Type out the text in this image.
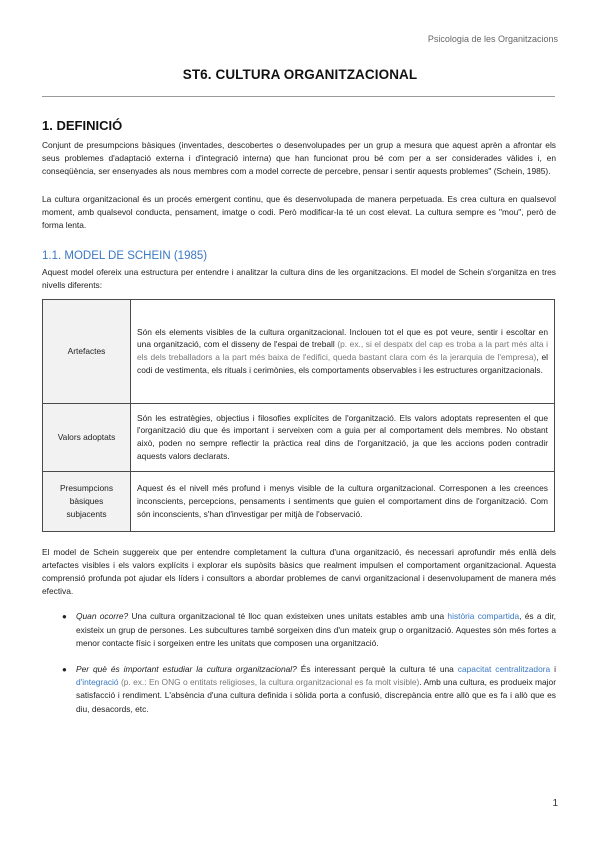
Psicologia de les Organitzacions
ST6. CULTURA ORGANITZACIONAL
1. DEFINICIÓ

Conjunt de presumpcions bàsiques (inventades, descobertes o desenvolupades per un grup a mesura que aquest aprèn a afrontar els seus problemes d'adaptació externa i d'integració interna) que han funcionat prou bé com per a ser considerades vàlides i, en conseqüència, ser ensenyades als nous membres com a model correcte de percebre, pensar i sentir aquests problemes" (Schein, 1985).

La cultura organitzacional és un procés emergent continu, que és desenvolupada de manera perpetuada. Es crea cultura en qualsevol moment, amb qualsevol conducta, pensament, imatge o codi. Però modificar-la té un cost elevat. La cultura sempre es "mou", però de forma lenta.

1.1. MODEL DE SCHEIN (1985)

Aquest model ofereix una estructura per entendre i analitzar la cultura dins de les organitzacions. El model de Schein s'organitza en tres nivells diferents:

Artefactes	Són els elements visibles de la cultura organitzacional. Inclouen tot el que es pot veure, sentir i escoltar en una organització, com el disseny de l'espai de treball (p. ex., si el despatx del cap es troba a la part més alta i els dels treballadors a la part més baixa de l'edifici, queda bastant clara com és la jerarquia de l'empresa), el codi de vestimenta, els rituals i cerimònies, els comportaments observables i les estructures organitzacionals.
Valors adoptats	Són les estratègies, objectius i filosofies explícites de l'organització. Els valors adoptats representen el que l'organització diu que és important i serveixen com a guia per al comportament dels membres. No obstant això, poden no sempre reflectir la pràctica real dins de l'organització, ja que les accions poden contradir aquests valors declarats.
Presumpcions bàsiques subjacents	Aquest és el nivell més profund i menys visible de la cultura organitzacional. Corresponen a les creences inconscients, percepcions, pensaments i sentiments que guien el comportament dins de l'organització. Com són inconscients, s'han d'investigar per mitjà de l'observació.

El model de Schein suggereix que per entendre completament la cultura d'una organització, és necessari aprofundir més enllà dels artefactes visibles i els valors explícits i explorar els supòsits bàsics que realment impulsen el comportament organitzacional. Aquesta comprensió profunda pot ajudar els líders i consultors a abordar problemes de canvi organitzacional i desenvolupament de manera més efectiva.

● Quan ocorre? Una cultura organitzacional té lloc quan existeixen unes unitats estables amb una història compartida, és a dir, existeix un grup de persones. Les subcultures també sorgeixen dins d'un mateix grup o organització. Aquestes són més fortes a menor contacte físic i sorgeixen entre les unitats que composen una organització.
● Per què és important estudiar la cultura organitzacional? És interessant perquè la cultura té una capacitat centralitzadora i d'integració (p. ex.: En ONG o entitats religioses, la cultura organitzacional es fa molt visible). Amb una cultura, es produeix major satisfacció i rendiment. L'absència d'una cultura definida i sòlida porta a confusió, discrepància entre allò que es fa i allò que es diu, desacords, etc.
1
